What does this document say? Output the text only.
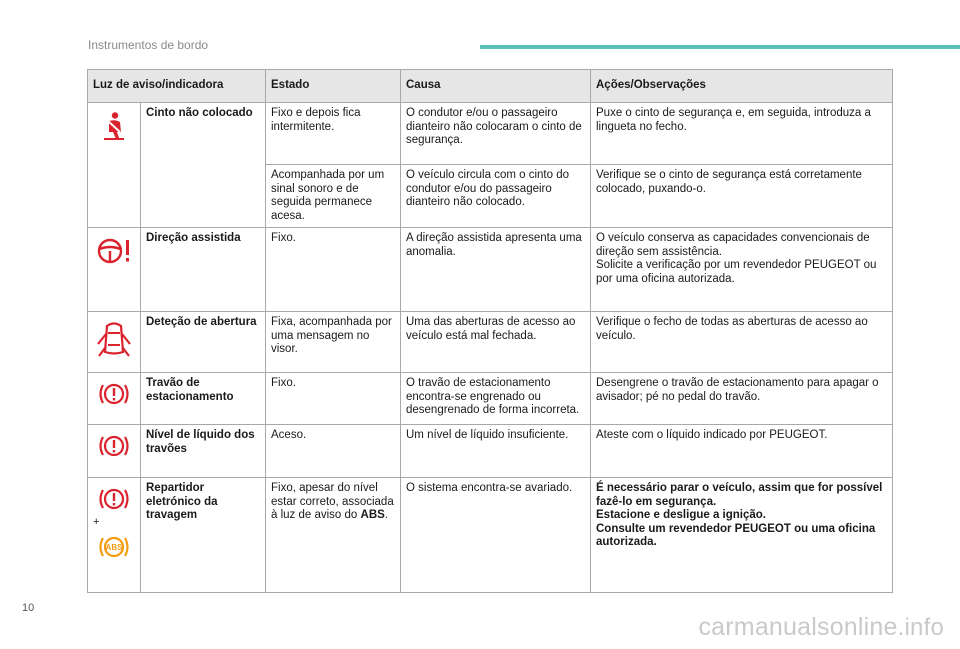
Instrumentos de bordo
Luz de aviso/indicadora		Estado	Causa	Ações/Observações

	Cinto não colocado	Fixo e depois fica intermitente.	O condutor e/ou o passageiro dianteiro não colocaram o cinto de segurança.	Puxe o cinto de segurança e, em seguida, introduza a lingueta no fecho.
		Acompanhada por um sinal sonoro e de seguida permanece acesa.	O veículo circula com o cinto do condutor e/ou do passageiro dianteiro não colocado.	Verifique se o cinto de segurança está corretamente colocado, puxando-o.

	Direção assistida	Fixo.	A direção assistida apresenta uma anomalia.	O veículo conserva as capacidades convencionais de direção sem assistência.
Solicite a verificação por um revendedor PEUGEOT ou por uma oficina autorizada.

	Deteção de abertura	Fixa, acompanhada por uma mensagem no visor.	Uma das aberturas de acesso ao veículo está mal fechada.	Verifique o fecho de todas as aberturas de acesso ao veículo.

	Travão de estacionamento	Fixo.	O travão de estacionamento encontra-se engrenado ou desengrenado de forma incorreta.	Desengrene o travão de estacionamento para apagar o avisador; pé no pedal do travão.

	Nível de líquido dos travões	Aceso.	Um nível de líquido insuficiente.	Ateste com o líquido indicado por PEUGEOT.

+
ABS	Repartidor eletrónico da travagem	Fixo, apesar do nível estar correto, associada à luz de aviso do ABS.	O sistema encontra-se avariado.	É necessário parar o veículo, assim que for possível fazê-lo em segurança.
Estacione e desligue a ignição.
Consulte um revendedor PEUGEOT ou uma oficina autorizada.
10
carmanualsonline.info
